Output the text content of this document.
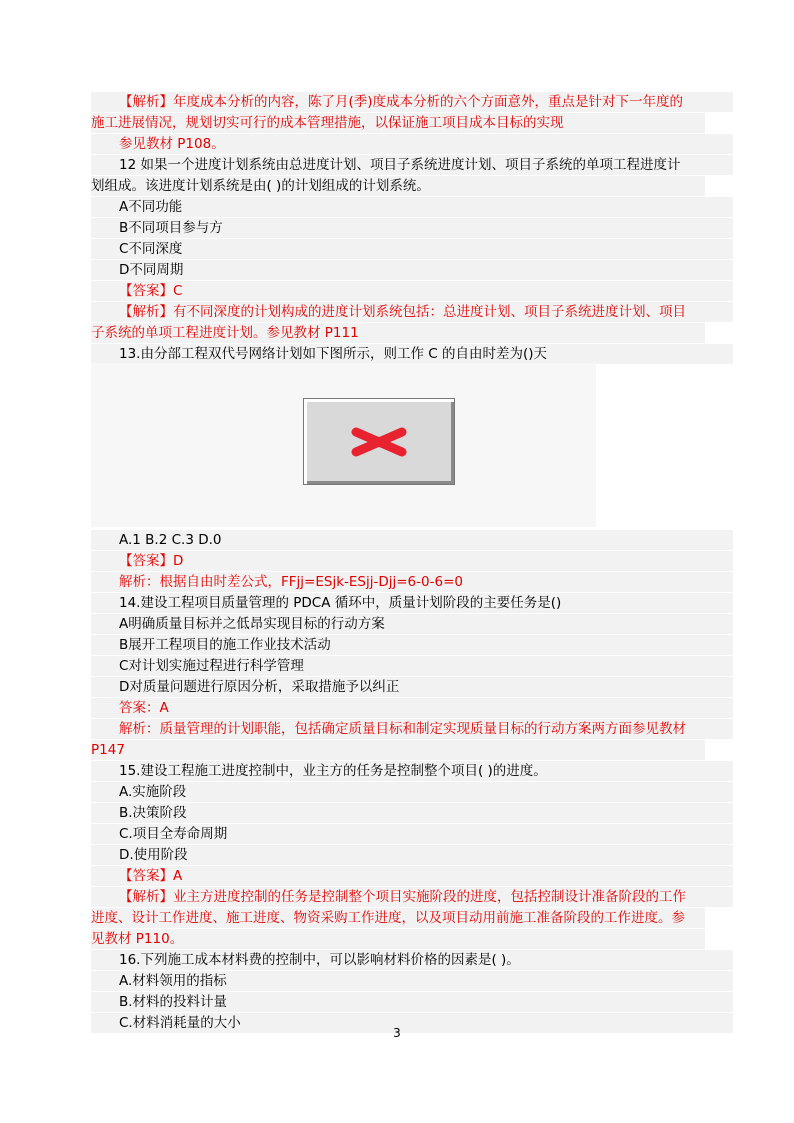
【解析】年度成本分析的内容，陈了月(季)度成本分析的六个方面意外，重点是针对下一年度的
施工进展情况，规划切实可行的成本管理措施，以保证施工项目成本目标的实现
参见教材 P108。
12 如果一个进度计划系统由总进度计划、项目子系统进度计划、项目子系统的单项工程进度计
划组成。该进度计划系统是由( )的计划组成的计划系统。
A不同功能
B不同项目参与方
C不同深度
D不同周期
【答案】C
【解析】有不同深度的计划构成的进度计划系统包括：总进度计划、项目子系统进度计划、项目
子系统的单项工程进度计划。参见教材 P111
13.由分部工程双代号网络计划如下图所示，则工作 C 的自由时差为()天
A.1 B.2 C.3 D.0
【答案】D
解析：根据自由时差公式，FFjj=ESjk-ESjj-Djj=6-0-6=0
14.建设工程项目质量管理的 PDCA 循环中，质量计划阶段的主要任务是()
A明确质量目标并之低昂实现目标的行动方案
B展开工程项目的施工作业技术活动
C对计划实施过程进行科学管理
D对质量问题进行原因分析，采取措施予以纠正
答案：A
解析：质量管理的计划职能，包括确定质量目标和制定实现质量目标的行动方案两方面参见教材
P147
15.建设工程施工进度控制中，业主方的任务是控制整个项目( )的进度。
A.实施阶段
B.决策阶段
C.项目全寿命周期
D.使用阶段
【答案】A
【解析】业主方进度控制的任务是控制整个项目实施阶段的进度，包括控制设计准备阶段的工作
进度、设计工作进度、施工进度、物资采购工作进度，以及项目动用前施工准备阶段的工作进度。参
见教材 P110。
16.下列施工成本材料费的控制中，可以影响材料价格的因素是( )。
A.材料领用的指标
B.材料的投料计量
C.材料消耗量的大小
3
